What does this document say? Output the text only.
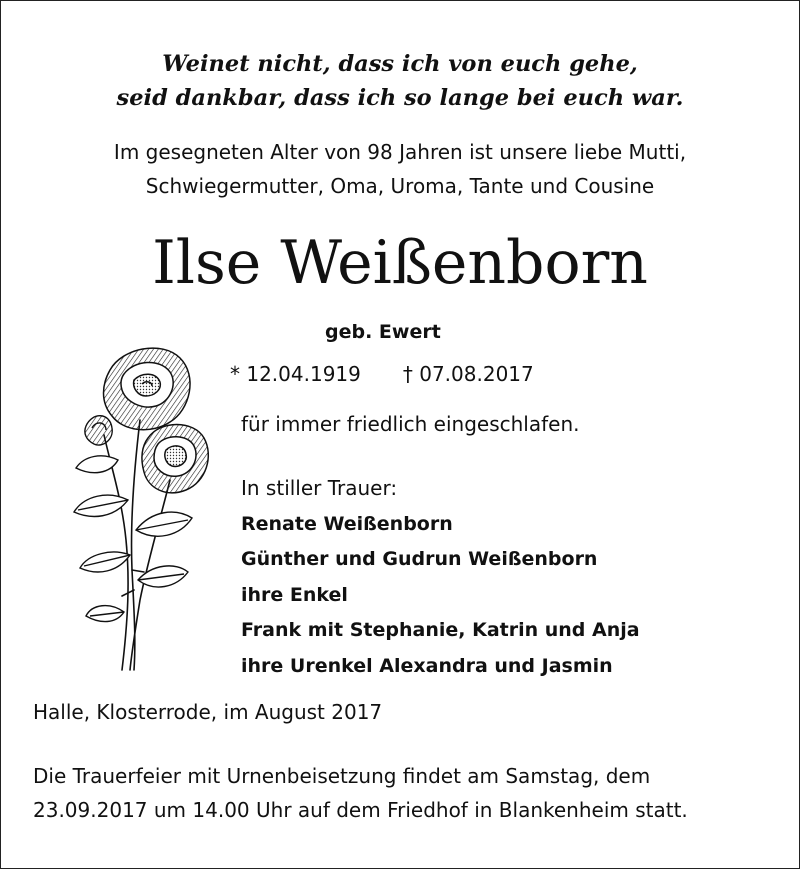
Weinet nicht, dass ich von euch gehe,
seid dankbar, dass ich so lange bei euch war.
Im gesegneten Alter von 98 Jahren ist unsere liebe Mutti,
Schwiegermutter, Oma, Uroma, Tante und Cousine
Ilse Weißenborn
geb. Ewert
* 12.04.1919 † 07.08.2017
für immer friedlich eingeschlafen.
In stiller Trauer:
Renate Weißenborn
Günther und Gudrun Weißenborn
ihre Enkel
Frank mit Stephanie, Katrin und Anja
ihre Urenkel Alexandra und Jasmin
Halle, Klosterrode, im August 2017
Die Trauerfeier mit Urnenbeisetzung findet am Samstag, dem
23.09.2017 um 14.00 Uhr auf dem Friedhof in Blankenheim statt.
